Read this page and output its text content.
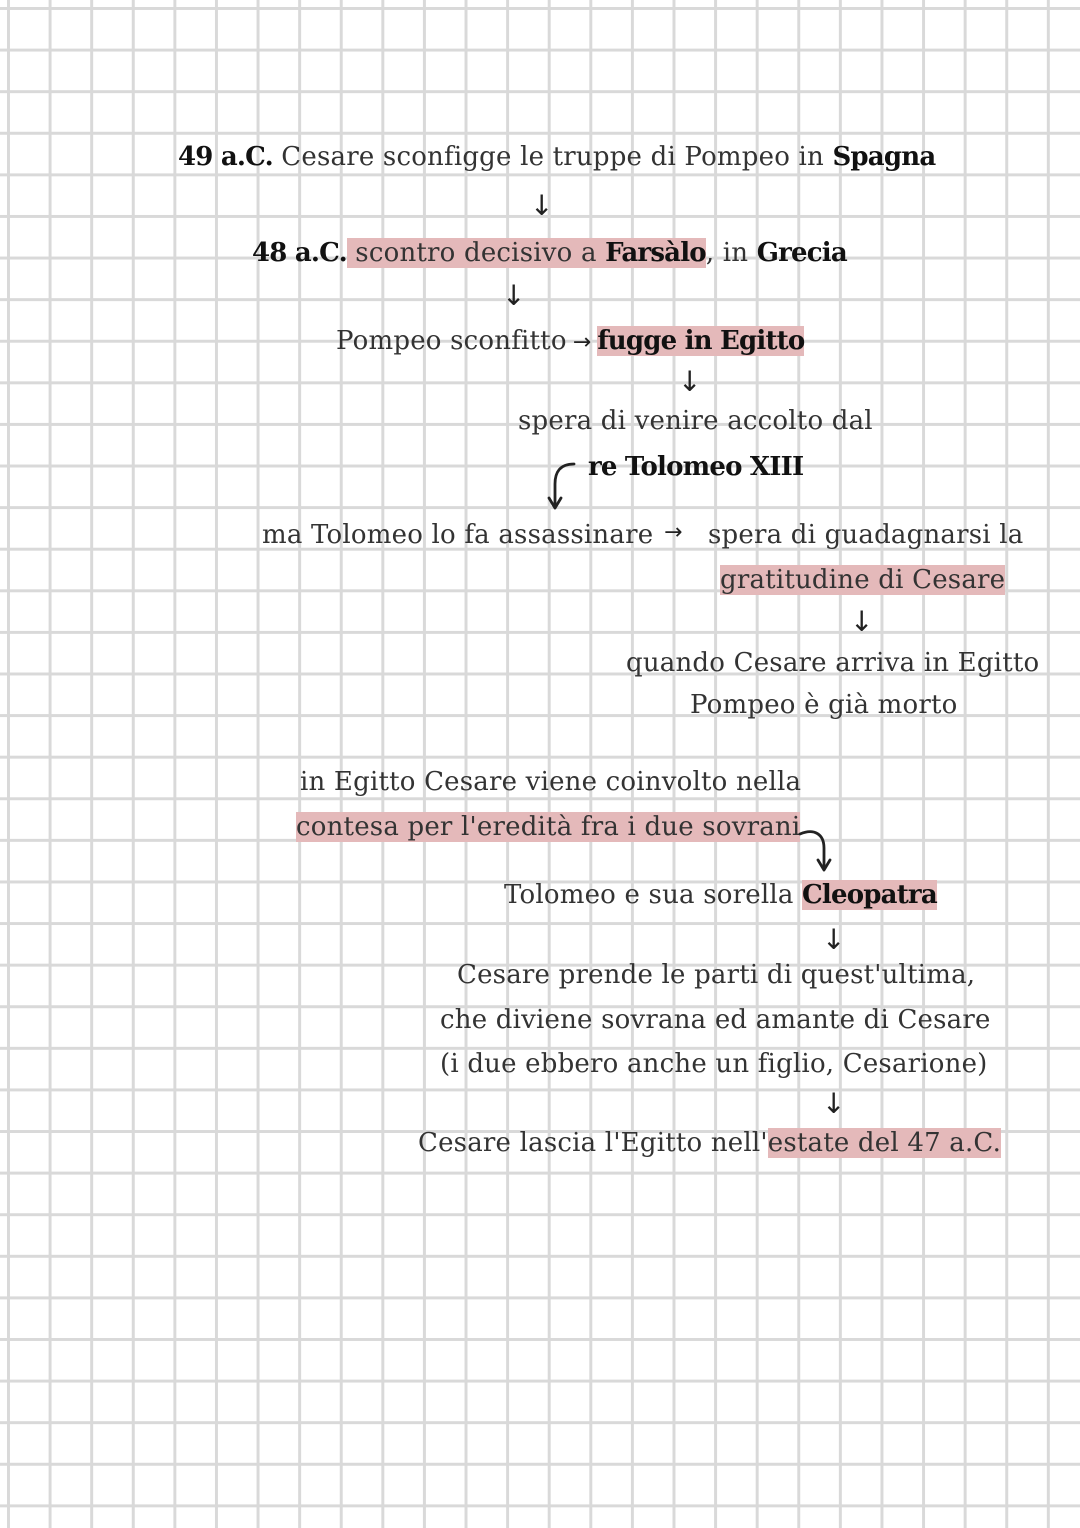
49 a.C. Cesare sconfigge le truppe di Pompeo in Spagna
↓
48 a.C. scontro decisivo a Farsàlo, in Grecia
↓
Pompeo sconfitto → fugge in Egitto
↓
spera di venire accolto dal
re Tolomeo XIII
ma Tolomeo lo fa assassinare → spera di guadagnarsi la
gratitudine di Cesare
↓
quando Cesare arriva in Egitto
Pompeo è già morto
in Egitto Cesare viene coinvolto nella
contesa per l'eredità fra i due sovrani
Tolomeo e sua sorella Cleopatra
↓
Cesare prende le parti di quest'ultima,
che diviene sovrana ed amante di Cesare
(i due ebbero anche un figlio, Cesarione)
↓
Cesare lascia l'Egitto nell'estate del 47 a.C.
